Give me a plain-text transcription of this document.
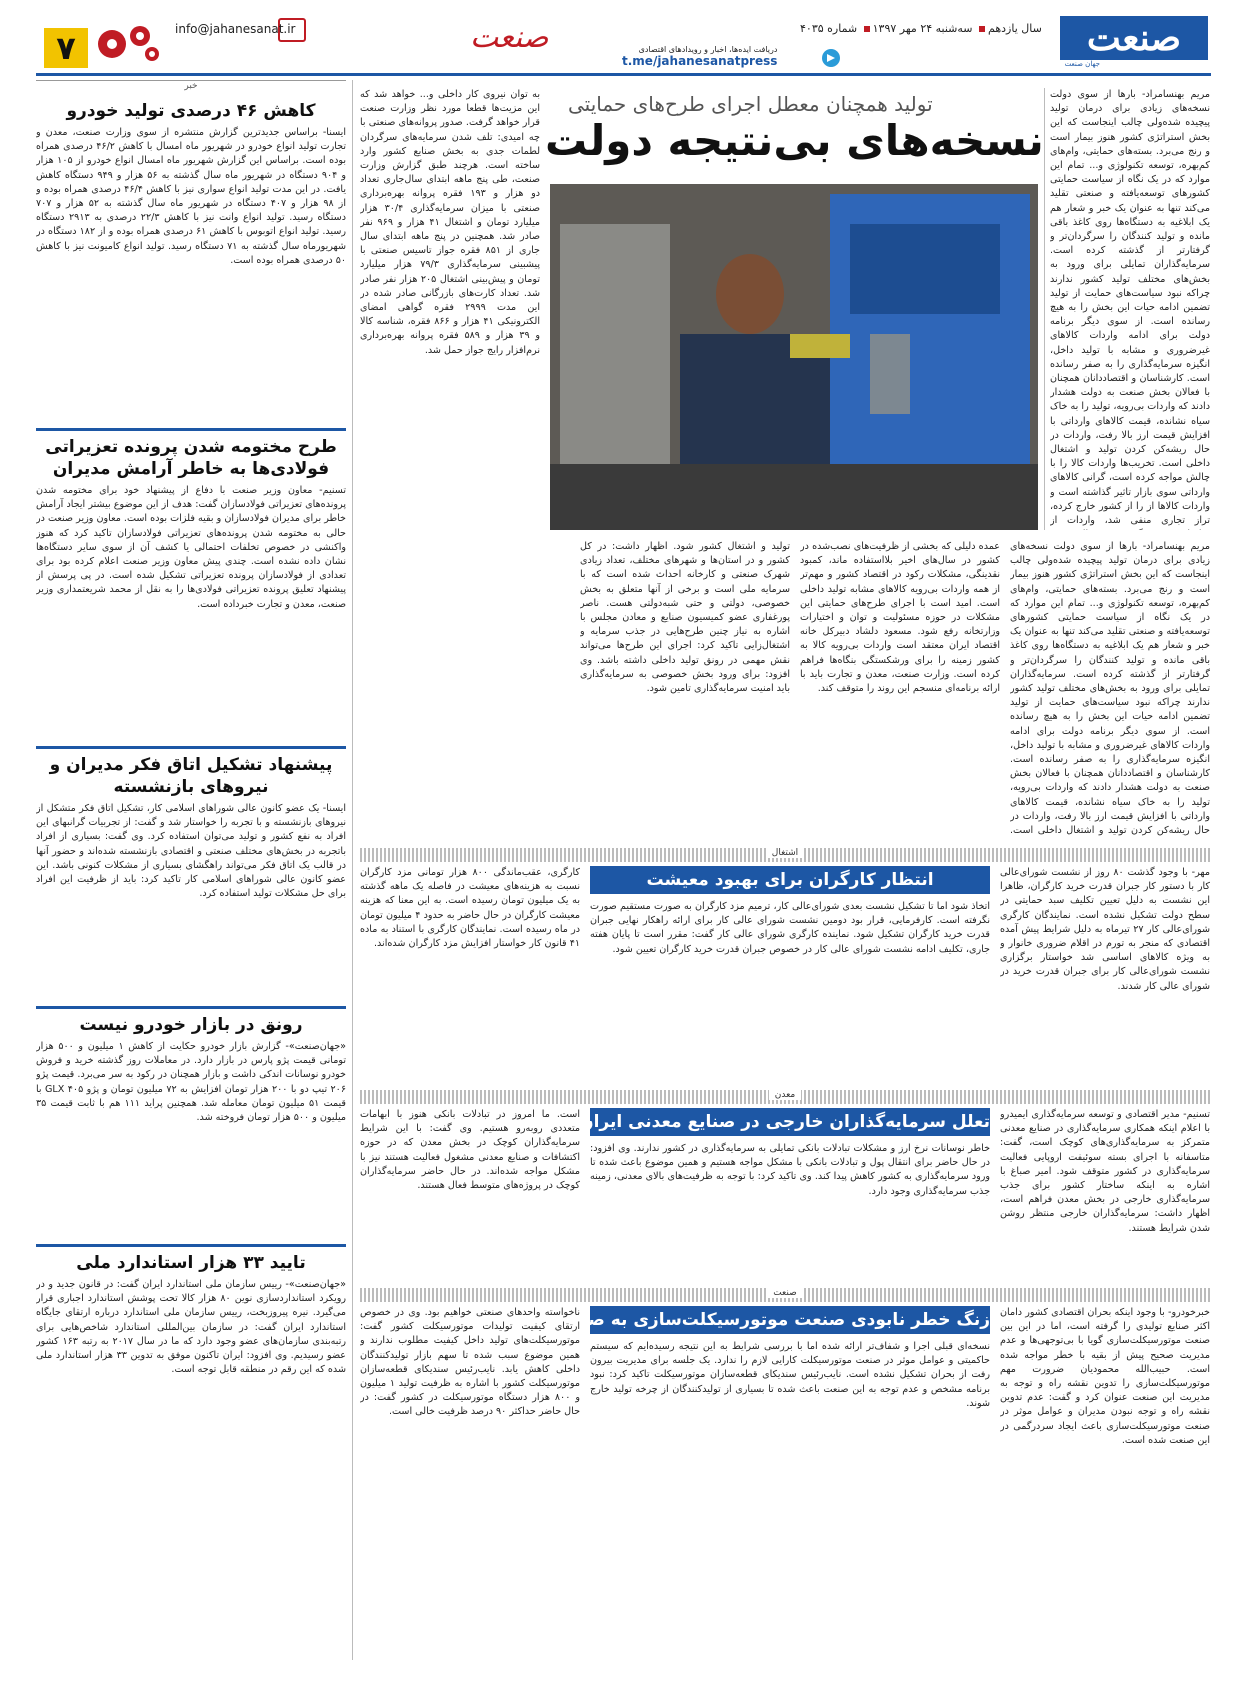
صنعت
جهان صنعت
سال یازدهم سه‌شنبه ۲۴ مهر ۱۳۹۷ شماره ۴۰۳۵
دریافت ایده‌ها، اخبار و رویدادهای اقتصادی
t.me/jahanesanatpress
صنعت
info@jahanesanat.ir
۷
تولید همچنان معطل اجرای طرح‌های حمایتی
نسخه‌های بی‌نتیجه دولت

مریم بهنسامراد- بارها از سوی دولت نسخه‌های زیادی برای درمان تولید پیچیده شده‌ولی چالب اینجاست که این بخش استراتژی کشور هنوز بیمار است و رنج می‌برد. بسته‌های حمایتی، وام‌های کم‌بهره، توسعه تکنولوژی و... تمام این موارد که در یک نگاه از سیاست حمایتی کشورهای توسعه‌یافته و صنعتی تقلید می‌کند تنها به عنوان یک خبر و شعار هم یک ابلاغیه به دستگاه‌ها روی کاغذ باقی مانده و تولید کنندگان را سرگردان‌تر و گرفتارتر از گذشته کرده است. سرمایه‌گذاران تمایلی برای ورود به بخش‌های مختلف تولید کشور ندارند چراکه نبود سیاست‌های حمایت از تولید تضمین ادامه حیات این بخش را به هیچ رسانده است. از سوی دیگر برنامه دولت برای ادامه واردات کالاهای غیرضروری و مشابه با تولید داخل، انگیزه سرمایه‌گذاری را به صفر رسانده است. کارشناسان و اقتصاددانان همچنان با فعالان بخش صنعت به دولت هشدار دادند که واردات بی‌رویه، تولید را به خاک سیاه نشانده، قیمت کالاهای وارداتی با افزایش قیمت ارز بالا رفت، واردات در حال ریشه‌کن کردن تولید و اشتغال داخلی است. تخریب‌ها واردات کالا را با چالش مواجه کرده است، گرانی کالاهای وارداتی سوی بازار تاثیر گذاشته است و واردات کالاها از را از کشور خارج کرده، تراز تجاری منفی شد، واردات از

عمده دلیلی که بخشی از ظرفیت‌های نصب‌شده در کشور در سال‌های اخیر بلااستفاده ماند، کمبود نقدینگی، مشکلات رکود در اقتصاد کشور و مهم‌تر از همه واردات بی‌رویه کالاهای مشابه تولید داخلی است. امید است با اجرای طرح‌های حمایتی این مشکلات در حوزه مسئولیت و توان و اختیارات وزارتخانه رفع شود. مسعود دلشاد دبیرکل خانه اقتصاد ایران معتقد است واردات بی‌رویه کالا به کشور زمینه را برای ورشکستگی بنگاه‌ها فراهم کرده است. وزارت صنعت، معدن و تجارت باید با ارائه برنامه‌ای منسجم این روند را متوقف کند.

مریم بهنسامراد- بارها از سوی دولت نسخه‌های زیادی برای درمان تولید پیچیده شده‌ولی چالب اینجاست که این بخش استراتژی کشور هنوز بیمار است و رنج می‌برد. بسته‌های حمایتی، وام‌های کم‌بهره، توسعه تکنولوژی و... تمام این موارد که در یک نگاه از سیاست حمایتی کشورهای توسعه‌یافته و صنعتی تقلید می‌کند تنها به عنوان یک خبر و شعار هم یک ابلاغیه به دستگاه‌ها روی کاغذ باقی مانده و تولید کنندگان را سرگردان‌تر و گرفتارتر از گذشته کرده است. سرمایه‌گذاران تمایلی برای ورود به بخش‌های مختلف تولید کشور ندارند چراکه نبود سیاست‌های حمایت از تولید تضمین ادامه حیات این بخش را به هیچ رسانده است. از سوی دیگر برنامه دولت برای ادامه واردات کالاهای غیرضروری و مشابه با تولید داخل، انگیزه سرمایه‌گذاری را به صفر رسانده است. کارشناسان و اقتصاددانان همچنان با فعالان بخش صنعت به دولت هشدار دادند که واردات بی‌رویه، تولید را به خاک سیاه نشانده، قیمت کالاهای وارداتی با افزایش قیمت ارز بالا رفت، واردات در حال ریشه‌کن کردن تولید و اشتغال داخلی است.

تولید و اشتغال کشور شود. اظهار داشت: در کل کشور و در استان‌ها و شهرهای مختلف، تعداد زیادی شهرک صنعتی و کارخانه احداث شده است که با سرمایه ملی است و برخی از آنها متعلق به بخش خصوصی، دولتی و حتی شبه‌دولتی هست. ناصر پورغفاری عضو کمیسیون صنایع و معادن مجلس با اشاره به نیاز چنین طرح‌هایی در جذب سرمایه و اشتغال‌زایی تاکید کرد: اجرای این طرح‌ها می‌تواند نقش مهمی در رونق تولید داخلی داشته باشد. وی افزود: برای ورود بخش خصوصی به سرمایه‌گذاری باید امنیت سرمایه‌گذاری تامین شود.

به توان نیروی کار داخلی و... خواهد شد که این مزیت‌ها قطعا مورد نظر وزارت صنعت قرار خواهد گرفت. صدور پروانه‌های صنعتی با چه امیدی: تلف شدن سرمایه‌های سرگردان لطمات جدی به بخش صنایع کشور وارد ساخته است. هرچند طبق گزارش وزارت صنعت، طی پنج ماهه ابتدای سال‌جاری تعداد دو هزار و ۱۹۳ فقره پروانه بهره‌برداری صنعتی با میزان سرمایه‌گذاری ۳۰/۴ هزار میلیارد تومان و اشتغال ۴۱ هزار و ۹۶۹ نفر صادر شد. همچنین در پنج ماهه ابتدای سال جاری از ۸۵۱ فقره جواز تاسیس صنعتی با پیشبینی سرمایه‌گذاری ۷۹/۳ هزار میلیارد تومان و پیش‌بینی اشتغال ۲۰۵ هزار نفر صادر شد. تعداد کارت‌های بازرگانی صادر شده در این مدت ۲۹۹۹ فقره گواهی امضای الکترونیکی ۴۱ هزار و ۸۶۶ فقره، شناسه کالا و ۳۹ هزار و ۵۸۹ فقره پروانه بهره‌برداری نرم‌افزار رایج جواز حمل شد.

خبر
کاهش ۴۶ درصدی تولید خودرو
ایسنا- براساس جدیدترین گزارش منتشره از سوی وزارت صنعت، معدن و تجارت تولید انواع خودرو در شهریور ماه امسال با کاهش ۴۶/۲ درصدی همراه بوده است. براساس این گزارش شهریور ماه امسال انواع خودرو از ۱۰۵ هزار و ۹۰۴ دستگاه در شهریور ماه سال گذشته به ۵۶ هزار و ۹۴۹ دستگاه کاهش یافت. در این مدت تولید انواع سواری نیز با کاهش ۴۶/۴ درصدی همراه بوده و از ۹۸ هزار و ۴۰۷ دستگاه در شهریور ماه سال گذشته به ۵۲ هزار و ۷۰۷ دستگاه رسید. تولید انواع وانت نیز با کاهش ۲۲/۳ درصدی به ۲۹۱۳ دستگاه رسید. تولید انواع اتوبوس با کاهش ۶۱ درصدی همراه بوده و از ۱۸۲ دستگاه در شهریورماه سال گذشته به ۷۱ دستگاه رسید. تولید انواع کامیونت نیز با کاهش ۵۰ درصدی همراه بوده است.
طرح مختومه شدن پرونده تعزیراتی فولادی‌ها به خاطر آرامش مدیران
تسنیم- معاون وزیر صنعت با دفاع از پیشنهاد خود برای مختومه شدن پرونده‌های تعزیراتی فولادسازان گفت: هدف از این موضوع بیشتر ایجاد آرامش خاطر برای مدیران فولادسازان و بقیه فلزات بوده است. معاون وزیر صنعت در حالی به مختومه شدن پرونده‌های تعزیراتی فولادسازان تاکید کرد که هنوز واکنشی در خصوص تخلفات احتمالی یا کشف آن از سوی سایر دستگاه‌ها نشان داده نشده است. چندی پیش معاون وزیر صنعت اعلام کرده بود برای تعدادی از فولادسازان پرونده تعزیراتی تشکیل شده است. در پی پرسش از پیشنهاد تعلیق پرونده تعزیراتی فولادی‌ها را به نقل از محمد شریعتمداری وزیر صنعت، معدن و تجارت خبرداده است.
پیشنهاد تشکیل اتاق فکر مدیران و نیروهای بازنشسته
ایسنا- یک عضو کانون عالی شوراهای اسلامی کار، تشکیل اتاق فکر متشکل از نیروهای بازنشسته و با تجربه را خواستار شد و گفت: از تجربیات گرانبهای این افراد به نفع کشور و تولید می‌توان استفاده کرد. وی گفت: بسیاری از افراد باتجربه در بخش‌های مختلف صنعتی و اقتصادی بازنشسته شده‌اند و حضور آنها در قالب یک اتاق فکر می‌تواند راهگشای بسیاری از مشکلات کنونی باشد. این عضو کانون عالی شوراهای اسلامی کار تاکید کرد: باید از ظرفیت این افراد برای حل مشکلات تولید استفاده کرد.
رونق در بازار خودرو نیست
«جهان‌صنعت»- گزارش بازار خودرو حکایت از کاهش ۱ میلیون و ۵۰۰ هزار تومانی قیمت پژو پارس در بازار دارد. در معاملات روز گذشته خرید و فروش خودرو نوسانات اندکی داشت و بازار همچنان در رکود به سر می‌برد. قیمت پژو ۲۰۶ تیپ دو با ۲۰۰ هزار تومان افزایش به ۷۲ میلیون تومان و پژو ۴۰۵ GLX با قیمت ۵۱ میلیون تومان معامله شد. همچنین پراید ۱۱۱ هم با ثابت قیمت ۳۵ میلیون و ۵۰۰ هزار تومان فروخته شد.
تایید ۳۳ هزار استاندارد ملی
«جهان‌صنعت»- رییس سازمان ملی استاندارد ایران گفت: در قانون جدید و در رویکرد استانداردسازی نوین ۸۰ هزار کالا تحت پوشش استاندارد اجباری قرار می‌گیرد. نیره پیروزبخت، رییس سازمان ملی استاندارد درباره ارتقای جایگاه استاندارد ایران گفت: در سازمان بین‌المللی استاندارد شاخص‌هایی برای رتبه‌بندی سازمان‌های عضو وجود دارد که ما در سال ۲۰۱۷ به رتبه ۱۶۳ کشور عضو رسیدیم. وی افزود: ایران تاکنون موفق به تدوین ۳۳ هزار استاندارد ملی شده که این رقم در منطقه قابل توجه است.
اشتغال
انتظار کارگران برای بهبود معیشت	مهر- با وجود گذشت ۸۰ روز از نشست شورای‌عالی کار با دستور کار جبران قدرت خرید کارگران، ظاهرا این نشست به دلیل تعیین تکلیف سبد حمایتی در سطح دولت تشکیل نشده است. نمایندگان کارگری شورای‌عالی کار ۲۷ تیرماه به دلیل شرایط پیش آمده اقتصادی که منجر به تورم در اقلام ضروری خانوار و به ویژه کالاهای اساسی شد خواستار برگزاری نشست شورای‌عالی کار برای جبران قدرت خرید در شورای عالی کار شدند.
اتخاذ شود اما تا تشکیل نشست بعدی شورای‌عالی کار، ترمیم مزد کارگران به صورت مستقیم صورت نگرفته است. کارفرمایی، قرار بود دومین نشست شورای عالی کار برای ارائه راهکار نهایی جبران قدرت خرید کارگران تشکیل شود. نماینده کارگری شورای عالی کار گفت: مقرر است تا پایان هفته جاری، تکلیف ادامه نشست شورای عالی کار در خصوص جبران قدرت خرید کارگران تعیین شود.
کارگری، عقب‌ماندگی ۸۰۰ هزار تومانی مزد کارگران نسبت به هزینه‌های معیشت در فاصله یک ماهه گذشته به یک میلیون تومان رسیده است. به این معنا که هزینه معیشت کارگران در حال حاضر به حدود ۴ میلیون تومان در ماه رسیده است. نمایندگان کارگری با استناد به ماده ۴۱ قانون کار خواستار افزایش مزد کارگران شده‌اند.
معدن
تعلل سرمایه‌گذاران خارجی در صنایع معدنی ایران تسنیم- مدیر اقتصادی و توسعه سرمایه‌گذاری ایمیدرو با اعلام اینکه همکاری سرمایه‌گذاری در صنایع معدنی متمرکز به سرمایه‌گذاری‌های کوچک است، گفت: متاسفانه با اجرای بسته سوئیفت اروپایی فعالیت سرمایه‌گذاری در کشور متوقف شود. امیر صباغ با اشاره به اینکه ساختار کشور برای جذب سرمایه‌گذاری خارجی در بخش معدن فراهم است، اظهار داشت: سرمایه‌گذاران خارجی منتظر روشن شدن شرایط هستند.
خاطر نوسانات نرخ ارز و مشکلات تبادلات بانکی تمایلی به سرمایه‌گذاری در کشور ندارند. وی افزود: در حال حاضر برای انتقال پول و تبادلات بانکی با مشکل مواجه هستیم و همین موضوع باعث شده تا ورود سرمایه‌گذاری به کشور کاهش پیدا کند. وی تاکید کرد: با توجه به ظرفیت‌های بالای معدنی، زمینه جذب سرمایه‌گذاری وجود دارد.
است. ما امروز در تبادلات بانکی هنوز با ابهامات متعددی روبه‌رو هستیم. وی گفت: با این شرایط سرمایه‌گذاران کوچک در بخش معدن که در حوزه اکتشافات و صنایع معدنی مشغول فعالیت هستند نیز با مشکل مواجه شده‌اند. در حال حاضر سرمایه‌گذاران کوچک در پروژه‌های متوسط فعال هستند.
صنعت
زنگ خطر نابودی صنعت موتورسیکلت‌سازی به صدا درآمد خبرخودرو- با وجود اینکه بحران اقتصادی کشور دامان اکثر صنایع تولیدی را گرفته است، اما در این بین صنعت موتورسیکلت‌سازی گویا با بی‌توجهی‌ها و عدم مدیریت صحیح پیش از بقیه با خطر مواجه شده است. حبیب‌الله محمودیان ضرورت مهم موتورسیکلت‌سازی را تدوین نقشه راه و توجه به مدیریت این صنعت عنوان کرد و گفت: عدم تدوین نقشه راه و توجه نبودن مدیران و عوامل موثر در صنعت موتورسیکلت‌سازی باعث ایجاد سردرگمی در این صنعت شده است.
نسخه‌ای قبلی اجرا و شفاف‌تر ارائه شده اما با بررسی شرایط به این نتیجه رسیده‌ایم که سیستم حاکمیتی و عوامل موثر در صنعت موتورسیکلت کارایی لازم را ندارد. یک جلسه برای مدیریت بیرون رفت از بحران تشکیل نشده است. نایب‌رئیس سندیکای قطعه‌سازان موتورسیکلت تاکید کرد: نبود برنامه مشخص و عدم توجه به این صنعت باعث شده تا بسیاری از تولیدکنندگان از چرخه تولید خارج شوند.
ناخواسته واحدهای صنعتی خواهیم بود. وی در خصوص ارتقای کیفیت تولیدات موتورسیکلت کشور گفت: موتورسیکلت‌های تولید داخل کیفیت مطلوب ندارند و همین موضوع سبب شده تا سهم بازار تولیدکنندگان داخلی کاهش یابد. نایب‌رئیس سندیکای قطعه‌سازان موتورسیکلت کشور با اشاره به ظرفیت تولید ۱ میلیون و ۸۰۰ هزار دستگاه موتورسیکلت در کشور گفت: در حال حاضر حداکثر ۹۰ درصد ظرفیت خالی است.
